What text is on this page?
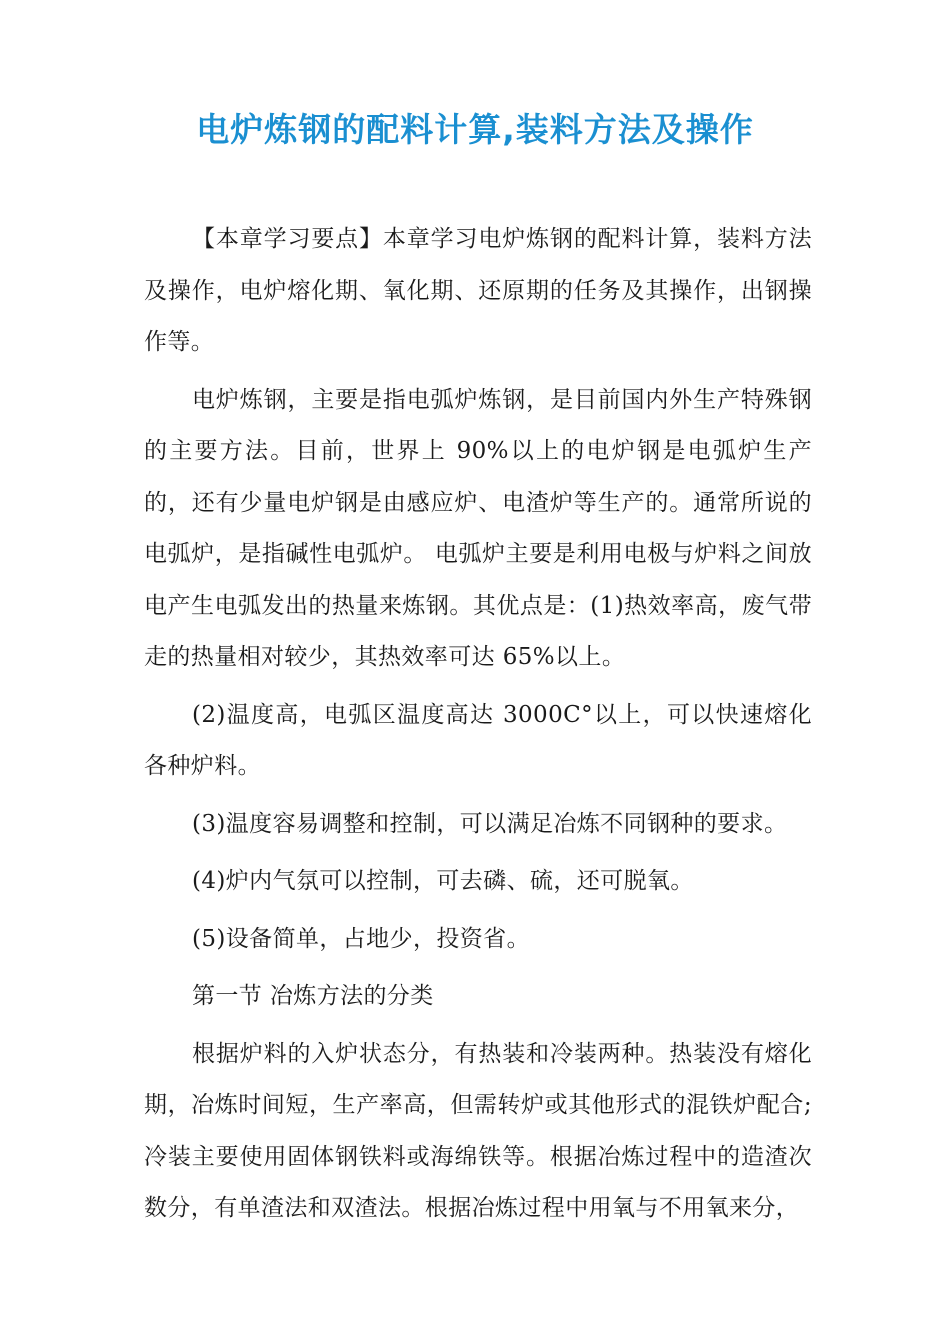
电炉炼钢的配料计算,装料方法及操作

【本章学习要点】本章学习电炉炼钢的配料计算，装料方法及操作，电炉熔化期、氧化期、还原期的任务及其操作，出钢操作等。

电炉炼钢，主要是指电弧炉炼钢，是目前国内外生产特殊钢的主要方法。目前，世界上 90%以上的电炉钢是电弧炉生产的，还有少量电炉钢是由感应炉、电渣炉等生产的。通常所说的电弧炉，是指碱性电弧炉。 电弧炉主要是利用电极与炉料之间放电产生电弧发出的热量来炼钢。其优点是：(1)热效率高，废气带走的热量相对较少，其热效率可达 65%以上。

(2)温度高，电弧区温度高达 3000C°以上，可以快速熔化各种炉料。

(3)温度容易调整和控制，可以满足冶炼不同钢种的要求。

(4)炉内气氛可以控制，可去磷、硫，还可脱氧。

(5)设备简单，占地少，投资省。

第一节 冶炼方法的分类

根据炉料的入炉状态分，有热装和冷装两种。热装没有熔化期，冶炼时间短，生产率高，但需转炉或其他形式的混铁炉配合;冷装主要使用固体钢铁料或海绵铁等。根据冶炼过程中的造渣次数分，有单渣法和双渣法。根据冶炼过程中用氧与不用氧来分，
